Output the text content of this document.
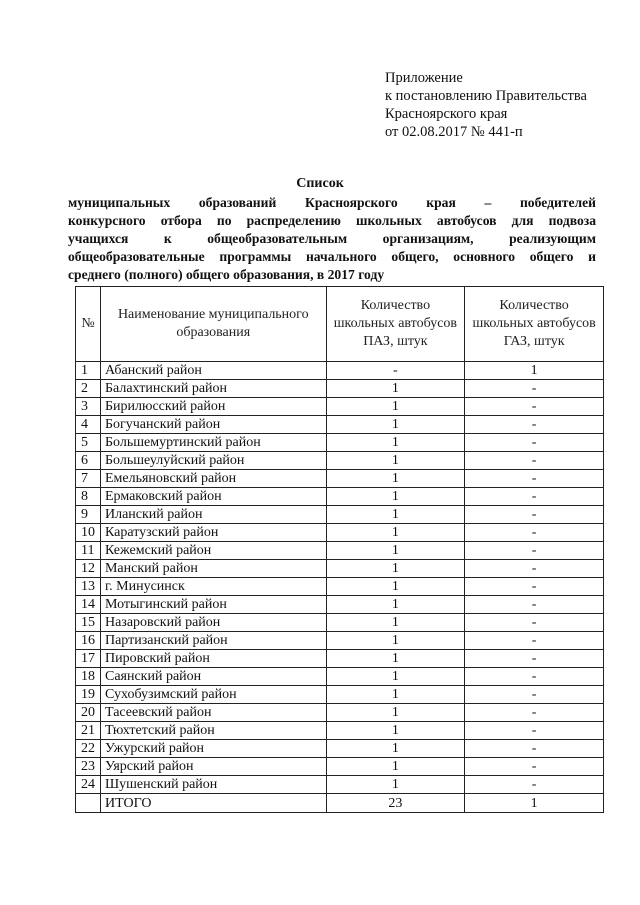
Приложение
к постановлению Правительства
Красноярского края
от 02.08.2017 № 441-п
Список
муниципальных образований Красноярского края – победителей
конкурсного отбора по распределению школьных автобусов для подвоза
учащихся к общеобразовательным организациям, реализующим
общеобразовательные программы начального общего, основного общего и
среднего (полного) общего образования, в 2017 году
№	Наименование муниципального образования	Количество школьных автобусов ПАЗ, штук	Количество школьных автобусов ГАЗ, штук
1	Абанский район	-	1
2	Балахтинский район	1	-
3	Бирилюсский район	1	-
4	Богучанский район	1	-
5	Большемуртинский район	1	-
6	Большеулуйский район	1	-
7	Емельяновский район	1	-
8	Ермаковский район	1	-
9	Иланский район	1	-
10	Каратузский район	1	-
11	Кежемский район	1	-
12	Манский район	1	-
13	г. Минусинск	1	-
14	Мотыгинский район	1	-
15	Назаровский район	1	-
16	Партизанский район	1	-
17	Пировский район	1	-
18	Саянский район	1	-
19	Сухобузимский район	1	-
20	Тасеевский район	1	-
21	Тюхтетский район	1	-
22	Ужурский район	1	-
23	Уярский район	1	-
24	Шушенский район	1	-
	ИТОГО	23	1
